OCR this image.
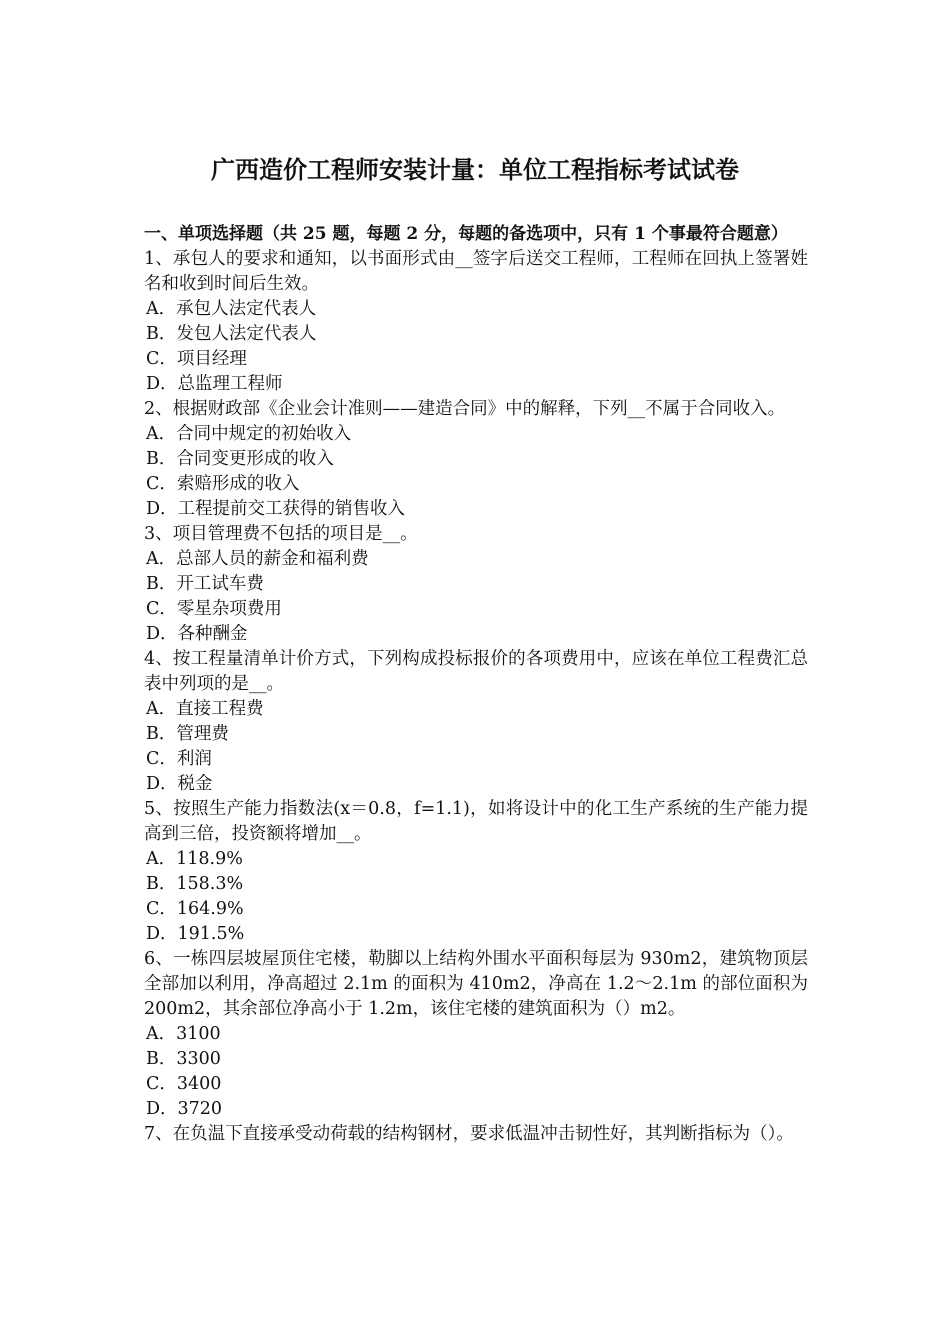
广西造价工程师安装计量：单位工程指标考试试卷

一、单项选择题（共 25 题，每题 2 分，每题的备选项中，只有 1 个事最符合题意）

1、承包人的要求和通知，以书面形式由__签字后送交工程师，工程师在回执上签署姓名和收到时间后生效。

A．承包人法定代表人
B．发包人法定代表人
C．项目经理
D．总监理工程师

2、根据财政部《企业会计准则——建造合同》中的解释，下列__不属于合同收入。

A．合同中规定的初始收入
B．合同变更形成的收入
C．索赔形成的收入
D．工程提前交工获得的销售收入

3、项目管理费不包括的项目是__。

A．总部人员的薪金和福利费
B．开工试车费
C．零星杂项费用
D．各种酬金

4、按工程量清单计价方式，下列构成投标报价的各项费用中，应该在单位工程费汇总表中列项的是__。

A．直接工程费
B．管理费
C．利润
D．税金

5、按照生产能力指数法(x＝0.8，f=1.1)，如将设计中的化工生产系统的生产能力提高到三倍，投资额将增加__。

A．118.9%
B．158.3%
C．164.9%
D．191.5%

6、一栋四层坡屋顶住宅楼，勒脚以上结构外围水平面积每层为 930m2，建筑物顶层全部加以利用，净高超过 2.1m 的面积为 410m2，净高在 1.2～2.1m 的部位面积为 200m2，其余部位净高小于 1.2m，该住宅楼的建筑面积为（）m2。

A．3100
B．3300
C．3400
D．3720

7、在负温下直接承受动荷载的结构钢材，要求低温冲击韧性好，其判断指标为（）。
